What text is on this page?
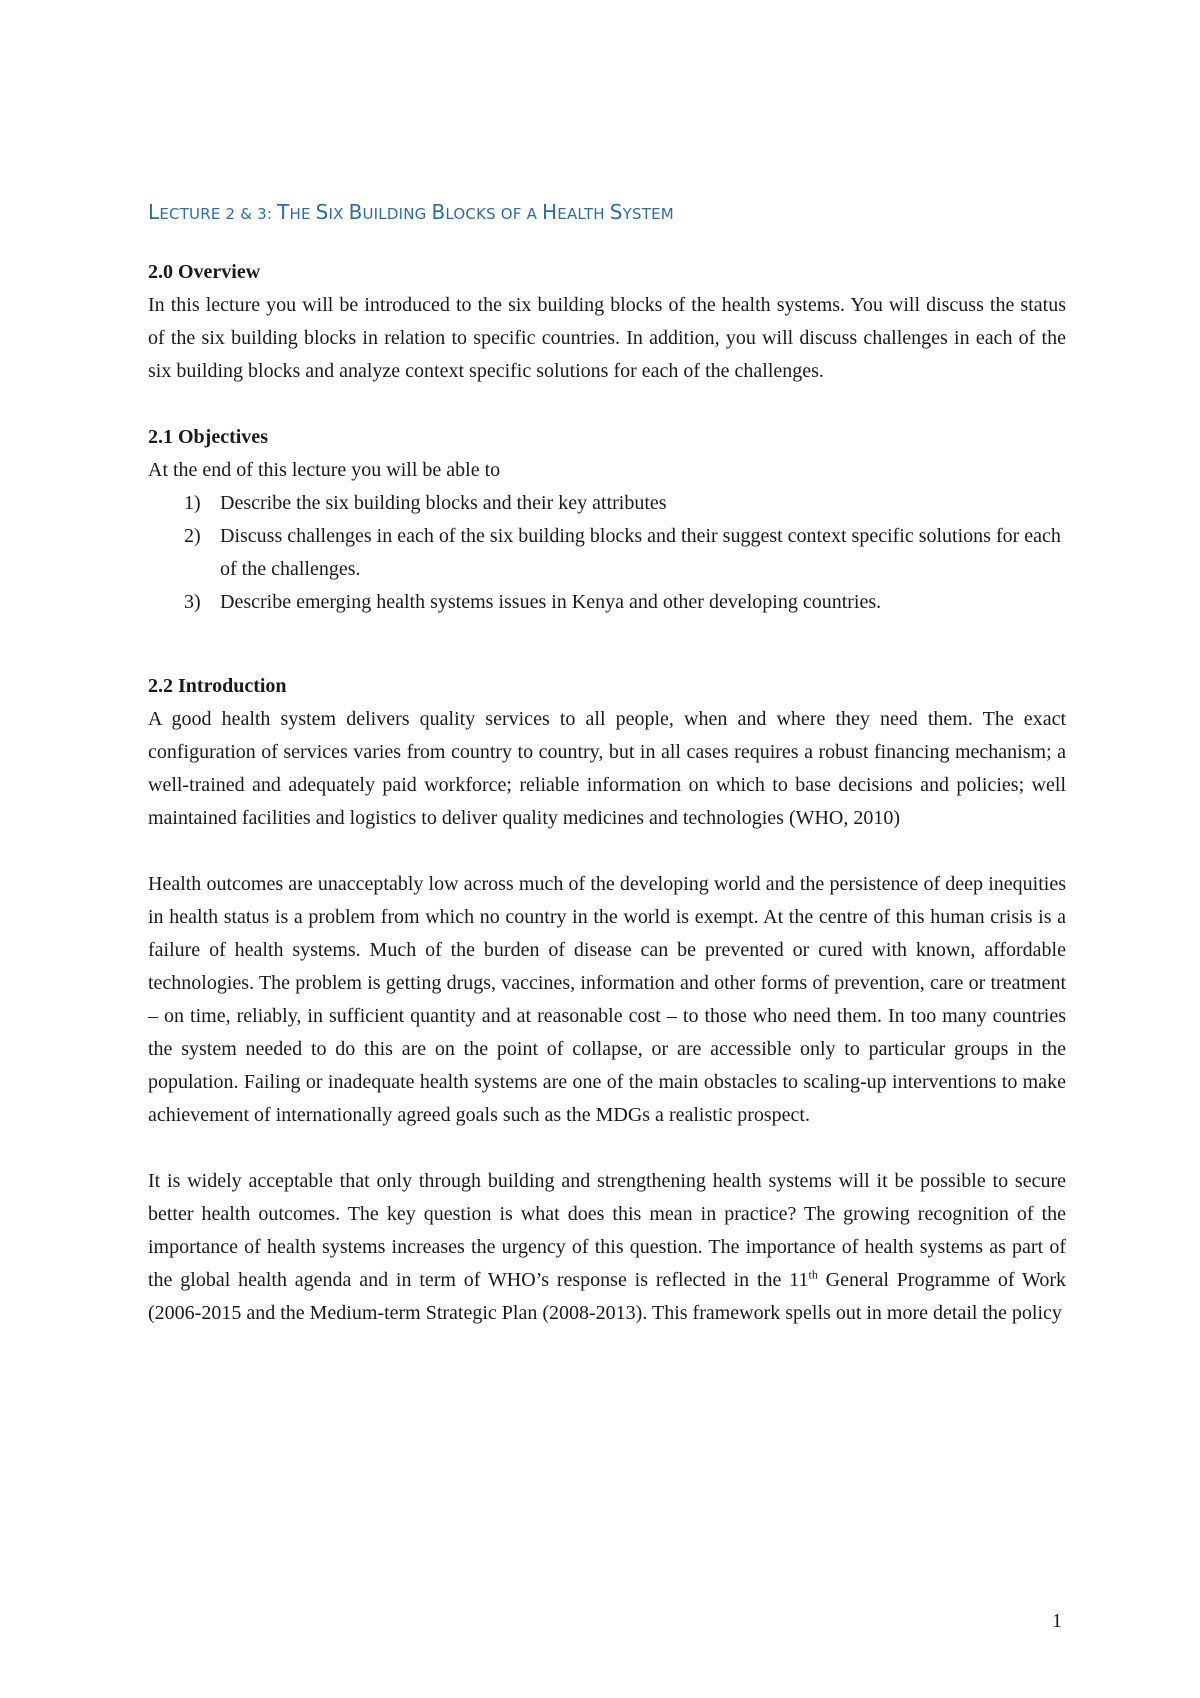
LECTURE 2 & 3: THE SIX BUILDING BLOCKS OF A HEALTH SYSTEM
2.0 Overview

In this lecture you will be introduced to the six building blocks of the health systems. You will discuss the status of the six building blocks in relation to specific countries. In addition, you will discuss challenges in each of the six building blocks and analyze context specific solutions for each of the challenges.

2.1 Objectives

At the end of this lecture you will be able to

1) Describe the six building blocks and their key attributes
2) Discuss challenges in each of the six building blocks and their suggest context specific solutions for each of the challenges.
3) Describe emerging health systems issues in Kenya and other developing countries.
2.2 Introduction

A good health system delivers quality services to all people, when and where they need them. The exact configuration of services varies from country to country, but in all cases requires a robust financing mechanism; a well-trained and adequately paid workforce; reliable information on which to base decisions and policies; well maintained facilities and logistics to deliver quality medicines and technologies (WHO, 2010)

Health outcomes are unacceptably low across much of the developing world and the persistence of deep inequities in health status is a problem from which no country in the world is exempt. At the centre of this human crisis is a failure of health systems. Much of the burden of disease can be prevented or cured with known, affordable technologies. The problem is getting drugs, vaccines, information and other forms of prevention, care or treatment – on time, reliably, in sufficient quantity and at reasonable cost – to those who need them. In too many countries the system needed to do this are on the point of collapse, or are accessible only to particular groups in the population. Failing or inadequate health systems are one of the main obstacles to scaling-up interventions to make achievement of internationally agreed goals such as the MDGs a realistic prospect.

It is widely acceptable that only through building and strengthening health systems will it be possible to secure better health outcomes. The key question is what does this mean in practice? The growing recognition of the importance of health systems increases the urgency of this question. The importance of health systems as part of the global health agenda and in term of WHO’s response is reflected in the 11th General Programme of Work (2006-2015 and the Medium-term Strategic Plan (2008-2013). This framework spells out in more detail the policy

1
